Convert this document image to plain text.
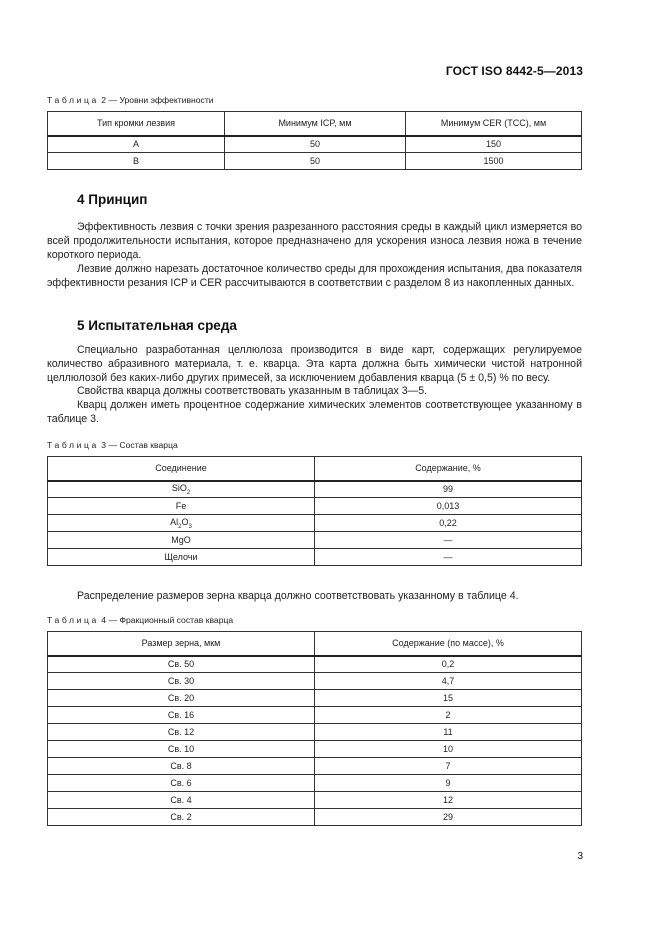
ГОСТ ISO 8442-5—2013
Таблица 2 — Уровни эффективности
Тип кромки лезвия	Минимум ICP, мм	Минимум CER (TCC), мм
A	50	150
B	50	1500
4 Принцип

Эффективность лезвия с точки зрения разрезанного расстояния среды в каждый цикл измеряется во всей продолжительности испытания, которое предназначено для ускорения износа лезвия ножа в течение короткого периода.

Лезвие должно нарезать достаточное количество среды для прохождения испытания, два показателя эффективности резания ICP и CER рассчитываются в соответствии с разделом 8 из накопленных данных.

5 Испытательная среда

Специально разработанная целлюлоза производится в виде карт, содержащих регулируемое количество абразивного материала, т. е. кварца. Эта карта должна быть химически чистой натронной целлюлозой без каких-либо других примесей, за исключением добавления кварца (5 ± 0,5) % по весу.

Свойства кварца должны соответствовать указанным в таблицах 3—5.

Кварц должен иметь процентное содержание химических элементов соответствующее указанному в таблице 3.

Таблица 3 — Состав кварца
Соединение	Содержание, %
SiO$_2$	99
Fe	0,013
$Al_2O_3$	0,22
MgO	—
Щелочи	—

Распределение размеров зерна кварца должно соответствовать указанному в таблице 4.

Таблица 4 — Фракционный состав кварца
Размер зерна, мкм	Содержание (по массе), %
Св. 50	0,2
Св. 30	4,7
Св. 20	15
Св. 16	2
Св. 12	11
Св. 10	10
Св. 8	7
Св. 6	9
Св. 4	12
Св. 2	29
3
